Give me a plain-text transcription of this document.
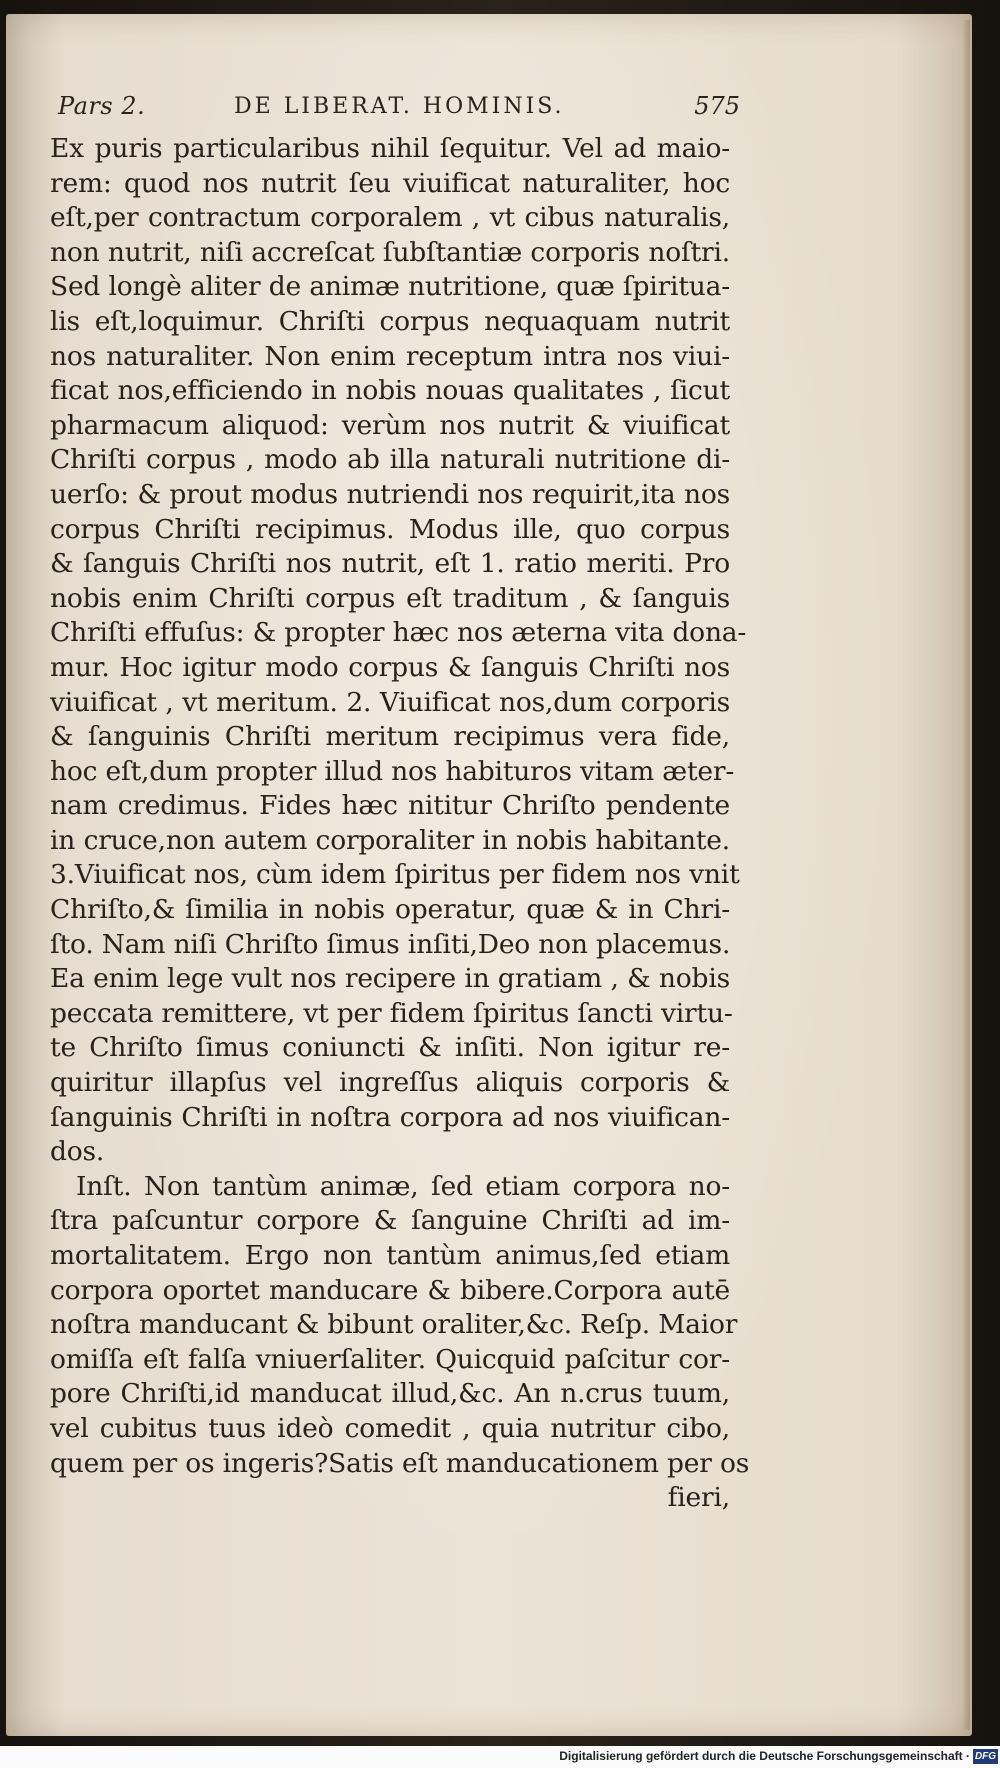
Pars 2.	DE LIBERAT. HOMINIS.	575
Ex puris particularibus nihil ſequitur. Vel ad maio-
rem: quod nos nutrit ſeu viuificat naturaliter, hoc
eſt,per contractum corporalem , vt cibus naturalis,
non nutrit, niſi accreſcat ſubſtantiæ corporis noſtri.
Sed longè aliter de animæ nutritione, quæ ſpiritua-
lis eſt,loquimur. Chriſti corpus nequaquam nutrit
nos naturaliter. Non enim receptum intra nos viui-
ficat nos,efficiendo in nobis nouas qualitates , ſicut
pharmacum aliquod: verùm nos nutrit & viuificat
Chriſti corpus , modo ab illa naturali nutritione di-
uerſo: & prout modus nutriendi nos requirit,ita nos
corpus Chriſti recipimus. Modus ille, quo corpus
& ſanguis Chriſti nos nutrit, eſt 1. ratio meriti. Pro
nobis enim Chriſti corpus eſt traditum , & ſanguis
Chriſti effuſus: & propter hæc nos æterna vita dona-
mur. Hoc igitur modo corpus & ſanguis Chriſti nos
viuificat , vt meritum. 2. Viuificat nos,dum corporis
& ſanguinis Chriſti meritum recipimus vera fide,
hoc eſt,dum propter illud nos habituros vitam æter-
nam credimus. Fides hæc nititur Chriſto pendente
in cruce,non autem corporaliter in nobis habitante.
3.Viuificat nos, cùm idem ſpiritus per fidem nos vnit
Chriſto,& ſimilia in nobis operatur, quæ & in Chri-
ſto. Nam niſi Chriſto ſimus inſiti,Deo non placemus.
Ea enim lege vult nos recipere in gratiam , & nobis
peccata remittere, vt per fidem ſpiritus ſancti virtu-
te Chriſto ſimus coniuncti & inſiti. Non igitur re-
quiritur illapſus vel ingreſſus aliquis corporis &
ſanguinis Chriſti in noſtra corpora ad nos viuifican-
dos.
Inſt. Non tantùm animæ, ſed etiam corpora no-
ſtra paſcuntur corpore & ſanguine Chriſti ad im-
mortalitatem. Ergo non tantùm animus,ſed etiam
corpora oportet manducare & bibere.Corpora autē
noſtra manducant & bibunt oraliter,&c. Reſp. Maior
omiſſa eſt falſa vniuerſaliter. Quicquid paſcitur cor-
pore Chriſti,id manducat illud,&c. An n.crus tuum,
vel cubitus tuus ideò comedit , quia nutritur cibo,
quem per os ingeris?Satis eſt manducationem per os
fieri,
Digitalisierung gefördert durch die Deutsche Forschungsgemeinschaft · DFG
